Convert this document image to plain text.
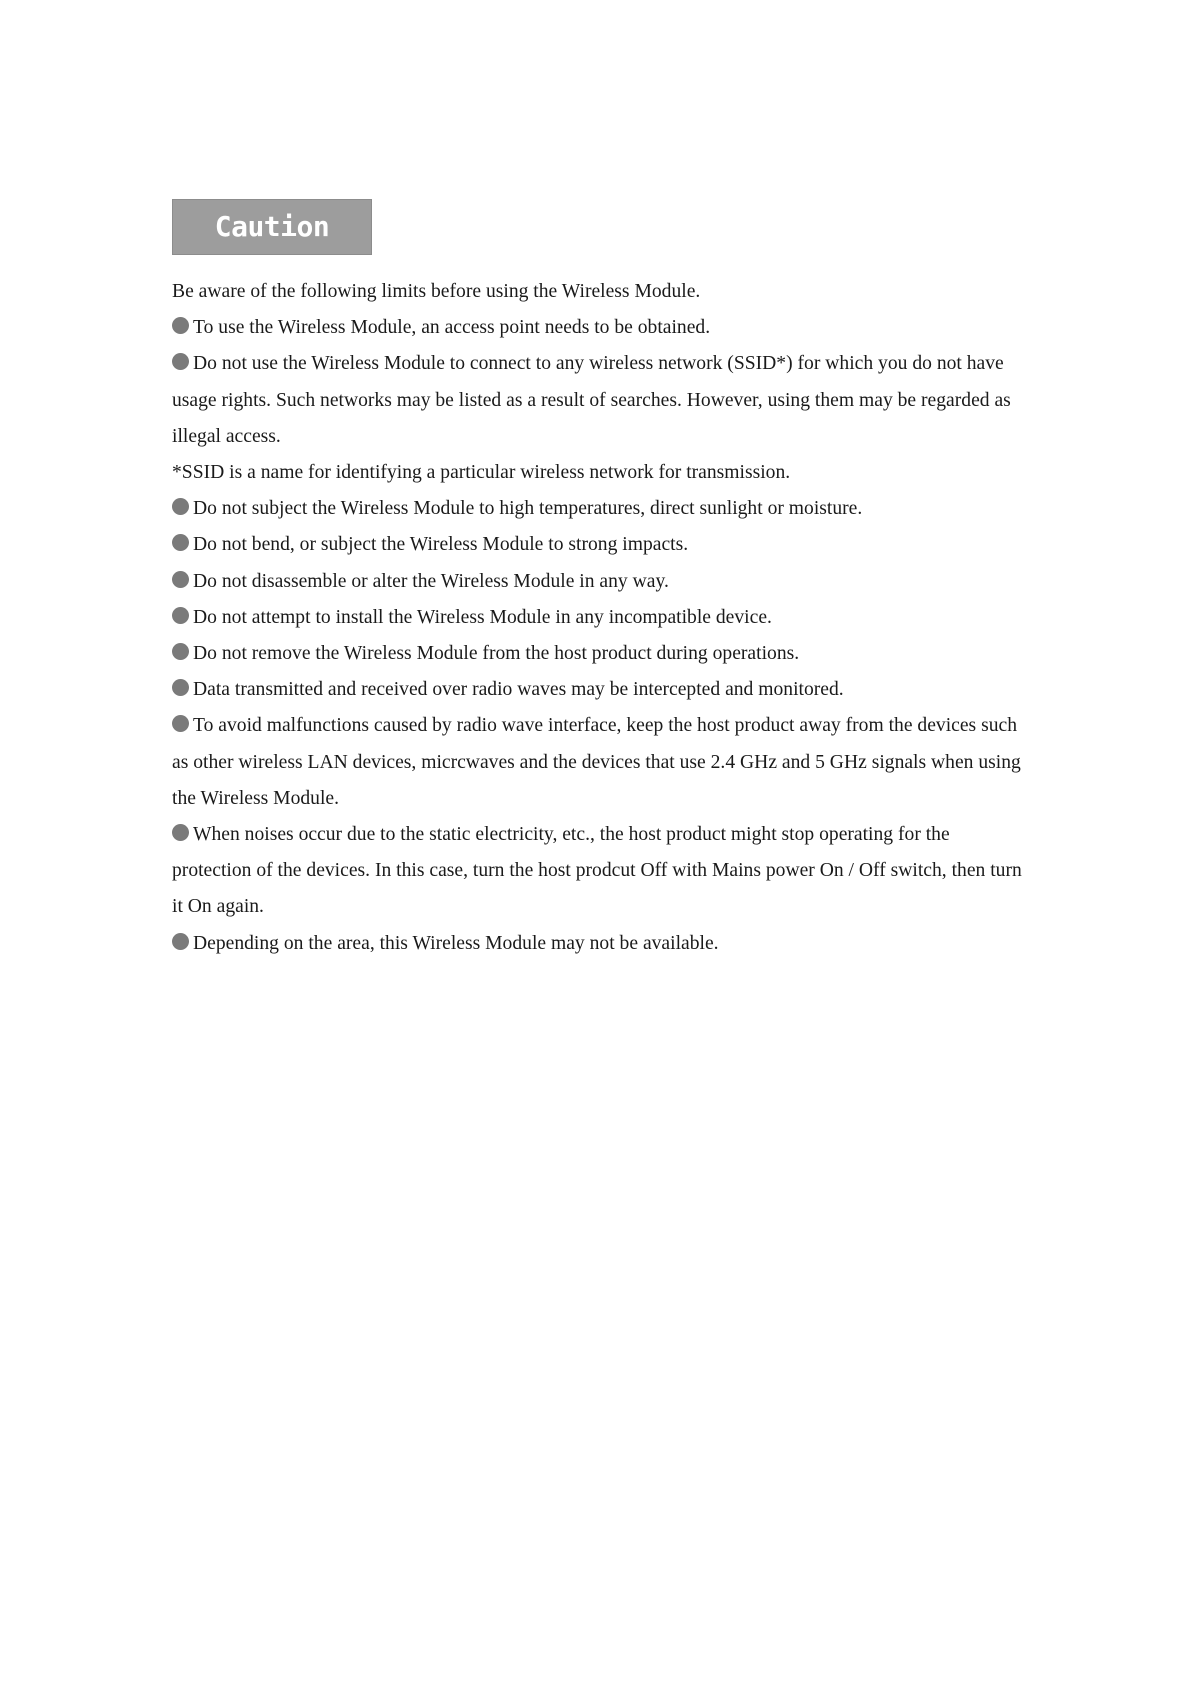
Caution

Be aware of the following limits before using the Wireless Module.

To use the Wireless Module, an access point needs to be obtained.

Do not use the Wireless Module to connect to any wireless network (SSID*) for which you do not have usage rights. Such networks may be listed as a result of searches. However, using them may be regarded as illegal access.

*SSID is a name for identifying a particular wireless network for transmission.

Do not subject the Wireless Module to high temperatures, direct sunlight or moisture.

Do not bend, or subject the Wireless Module to strong impacts.

Do not disassemble or alter the Wireless Module in any way.

Do not attempt to install the Wireless Module in any incompatible device.

Do not remove the Wireless Module from the host product during operations.

Data transmitted and received over radio waves may be intercepted and monitored.

To avoid malfunctions caused by radio wave interface, keep the host product away from the devices such as other wireless LAN devices, micrcwaves and the devices that use 2.4 GHz and 5 GHz signals when using the Wireless Module.

When noises occur due to the static electricity, etc., the host product might stop operating for the protection of the devices. In this case, turn the host prodcut Off with Mains power On / Off switch, then turn it On again.

Depending on the area, this Wireless Module may not be available.
